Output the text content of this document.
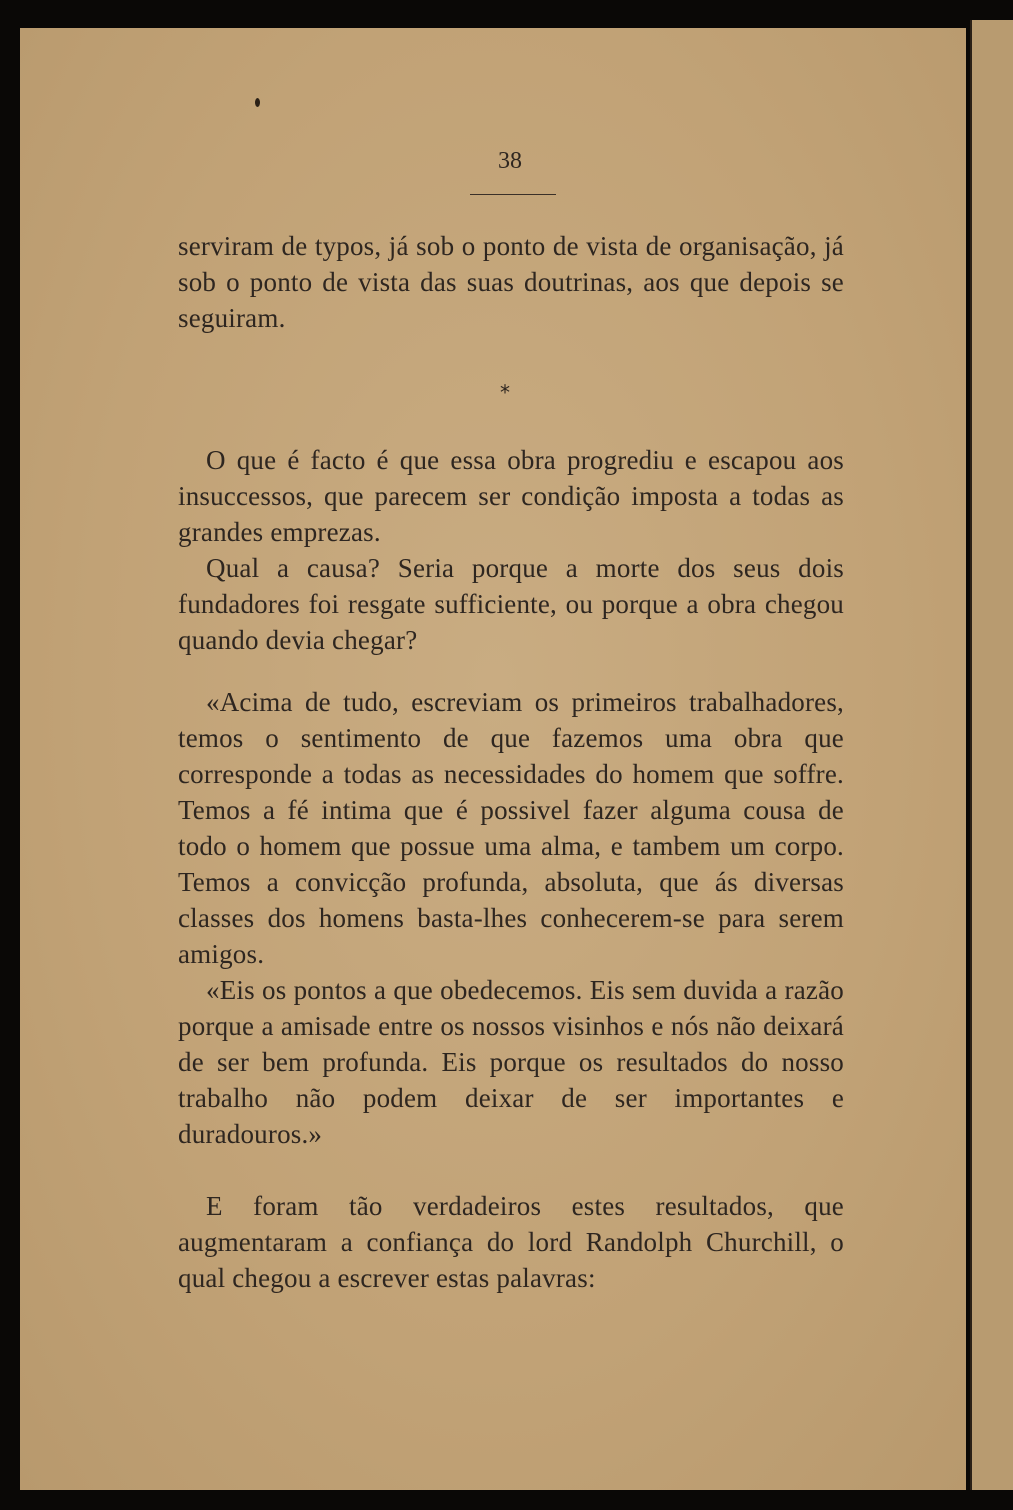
38

serviram de typos, já sob o ponto de vista de organisação, já sob o ponto de vista das suas doutrinas, aos que depois se seguiram.

⁎

O que é facto é que essa obra progrediu e escapou aos insuccessos, que parecem ser condição imposta a todas as grandes emprezas.

Qual a causa? Seria porque a morte dos seus dois fundadores foi resgate sufficiente, ou porque a obra chegou quando devia chegar?

«Acima de tudo, escreviam os primeiros trabalhadores, temos o sentimento de que fazemos uma obra que corresponde a todas as necessidades do homem que soffre. Temos a fé intima que é possivel fazer alguma cousa de todo o homem que possue uma alma, e tambem um corpo. Temos a convicção profunda, absoluta, que ás diversas classes dos homens basta-lhes conhecerem-se para serem amigos.

«Eis os pontos a que obedecemos. Eis sem duvida a razão porque a amisade entre os nossos visinhos e nós não deixará de ser bem profunda. Eis porque os resultados do nosso trabalho não podem deixar de ser importantes e duradouros.»

E foram tão verdadeiros estes resultados, que augmentaram a confiança do lord Randolph Churchill, o qual chegou a escrever estas palavras:
